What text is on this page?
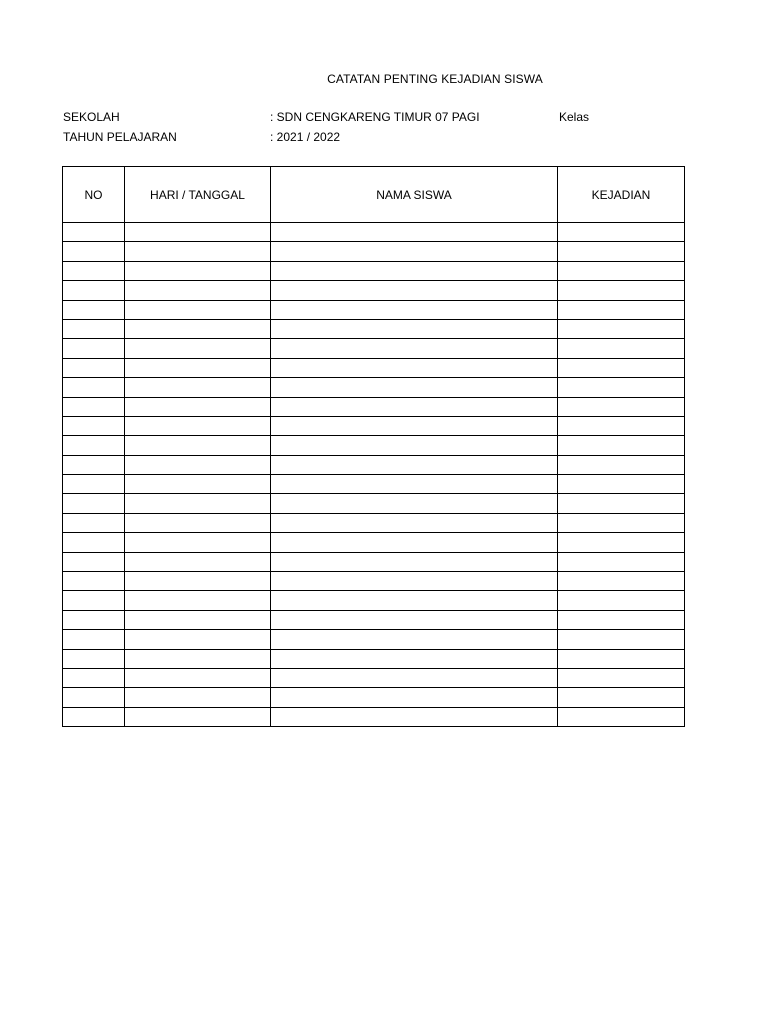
CATATAN PENTING KEJADIAN SISWA
SEKOLAH	: SDN CENGKARENG TIMUR 07 PAGI	Kelas
TAHUN PELAJARAN	: 2021 / 2022
NO	HARI / TANGGAL	NAMA SISWA	KEJADIAN
